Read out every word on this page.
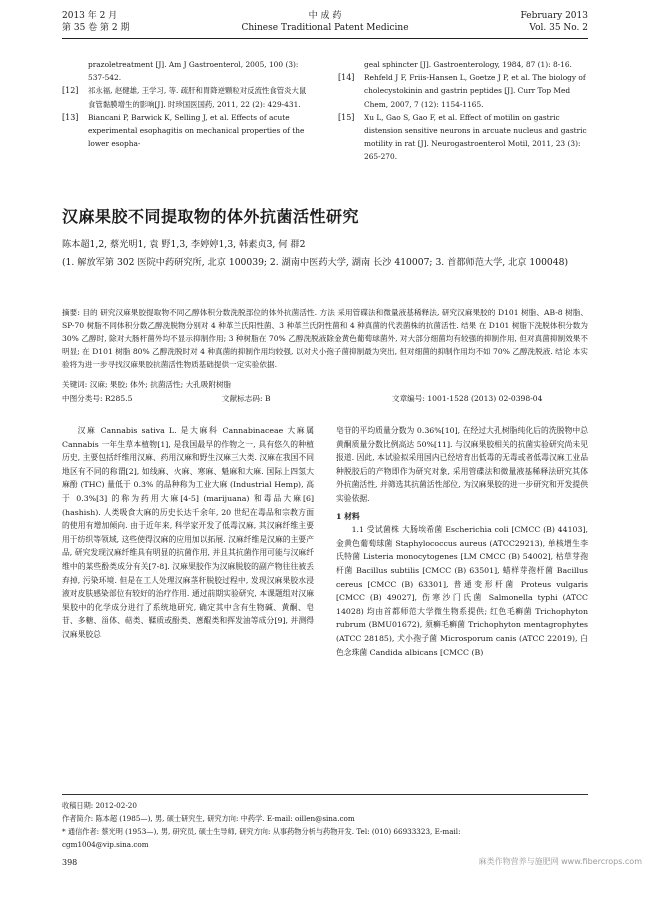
2013 年 2 月
第 35 卷 第 2 期
中 成 药
Chinese Traditional Patent Medicine
February 2013
Vol. 35 No. 2

prazoletreatment [J]. Am J Gastroenterol, 2005, 100 (3): 537-542.

[12] 祁永福, 赵健雄, 王学习, 等. 疏肝和胃降逆颗粒对反流性食管炎大鼠食管黏膜增生的影响[J]. 时珍国医国药, 2011, 22 (2): 429-431.

[13] Biancani P, Barwick K, Selling J, et al. Effects of acute experimental esophagitis on mechanical properties of the lower esopha-

geal sphincter [J]. Gastroenterology, 1984, 87 (1): 8-16.

[14] Rehfeld J F, Friis-Hansen L, Goetze J P, et al. The biology of cholecystokinin and gastrin peptides [J]. Curr Top Med Chem, 2007, 7 (12): 1154-1165.

[15] Xu L, Gao S, Gao F, et al. Effect of motilin on gastric distension sensitive neurons in arcuate nucleus and gastric motility in rat [J]. Neurogastroenterol Motil, 2011, 23 (3): 265-270.

汉麻果胶不同提取物的体外抗菌活性研究
陈本超1,2, 蔡光明1, 袁 野1,3, 李婷婷1,3, 韩素贞3, 何 群2
(1. 解放军第 302 医院中药研究所, 北京 100039; 2. 湖南中医药大学, 湖南 长沙 410007; 3. 首都师范大学, 北京 100048)
摘要: 目的 研究汉麻果胶提取物不同乙醇体积分数洗脱部位的体外抗菌活性. 方法 采用管碟法和微量液基稀释法, 研究汉麻果胶的 D101 树脂、AB-8 树脂、SP-70 树脂不同体积分数乙醇洗脱物分别对 4 种革兰氏阳性菌、3 种革兰氏阴性菌和 4 种真菌的代表菌株的抗菌活性. 结果 在 D101 树脂下洗脱体积分数为 30% 乙醇时, 除对大肠杆菌外均不显示抑制作用; 3 种树脂在 70% 乙醇洗脱液除金黄色葡萄球菌外, 对大部分细菌均有较强的抑制作用, 但对真菌抑制效果不明显; 在 D101 树脂 80% 乙醇洗脱时对 4 种真菌的抑制作用均较强, 以对犬小孢子菌抑制最为突出, 但对细菌的抑制作用均不如 70% 乙醇洗脱液. 结论 本实验将为进一步寻找汉麻果胶抗菌活性物质基础提供一定实验依据.
关键词: 汉麻; 果胶; 体外; 抗菌活性; 大孔吸附树脂
中图分类号: R285.5	文献标志码: B	文章编号: 1001-1528 (2013) 02-0398-04

汉麻 Cannabis sativa L. 是大麻科 Cannabinaceae 大麻属 Cannabis 一年生草本植物[1], 是我国最早的作物之一, 具有悠久的种植历史, 主要包括纤维用汉麻、药用汉麻和野生汉麻三大类. 汉麻在我国不同地区有不同的称谓[2], 如线麻、火麻、寒麻、魁麻和大麻. 国际上四氢大麻酚 (THC) 量低于 0.3% 的品种称为工业大麻 (Industrial Hemp), 高于 0.3%[3] 的称为药用大麻[4-5] (marijuana) 和毒品大麻[6] (hashish). 人类吸食大麻的历史长达千余年, 20 世纪在毒品和宗教方面的使用有增加倾向. 由于近年来, 科学家开发了低毒汉麻, 其汉麻纤维主要用于纺织等领域, 这些使得汉麻的应用加以拓展. 汉麻纤维是汉麻的主要产品, 研究发现汉麻纤维具有明显的抗菌作用, 并且其抗菌作用可能与汉麻纤维中的某些酚类成分有关[7-8]. 汉麻果胶作为汉麻脱胶的副产物往往被丢弃掉, 污染环境. 但是在工人处理汉麻茎秆脱胶过程中, 发现汉麻果胶水浸液对皮肤感染部位有较好的治疗作用. 通过前期实验研究, 本课题组对汉麻果胶中的化学成分进行了系统地研究, 确定其中含有生物碱、黄酮、皂苷、多糖、甾体、萜类、鞣质或酚类、蒽醌类和挥发油等成分[9], 并测得汉麻果胶总

皂苷的平均质量分数为 0.36%[10], 在经过大孔树脂纯化后的洗脱物中总黄酮质量分数比例高达 50%[11]. 与汉麻果胶相关的抗菌实验研究尚未见报道. 因此, 本试验拟采用国内已经培育出低毒的无毒或者低毒汉麻工业品种脱胶后的产物即作为研究对象, 采用管碟法和微量液基稀释法研究其体外抗菌活性, 并筛选其抗菌活性部位, 为汉麻果胶的进一步研究和开发提供实验依据.

1 材料

1.1 受试菌株 大肠埃希菌 Escherichia coli [CMCC (B) 44103], 金黄色葡萄球菌 Staphylococcus aureus (ATCC29213), 单核增生李氏特菌 Listeria monocytogenes [LM CMCC (B) 54002], 枯草芽孢杆菌 Bacillus subtilis [CMCC (B) 63501], 蜡样芽孢杆菌 Bacillus cereus [CMCC (B) 63301], 普通变形杆菌 Proteus vulgaris [CMCC (B) 49027], 伤寒沙门氏菌 Salmonella typhi (ATCC 14028) 均由首都师范大学微生物系提供; 红色毛癣菌 Trichophyton rubrum (BMU01672), 须癣毛癣菌 Trichophyton mentagrophytes (ATCC 28185), 犬小孢子菌 Microsporum canis (ATCC 22019), 白色念珠菌 Candida albicans [CMCC (B)

收稿日期: 2012-02-20
作者简介: 陈本超 (1985—), 男, 硕士研究生, 研究方向: 中药学. E-mail: oillen@sina.com
* 通信作者: 蔡光明 (1953—), 男, 研究员, 硕士生导师, 研究方向: 从事药物分析与药物开发. Tel: (010) 66933323, E-mail:
cgm1004@vip.sina.com
398	麻类作物营养与施肥网 www.fibercrops.com
